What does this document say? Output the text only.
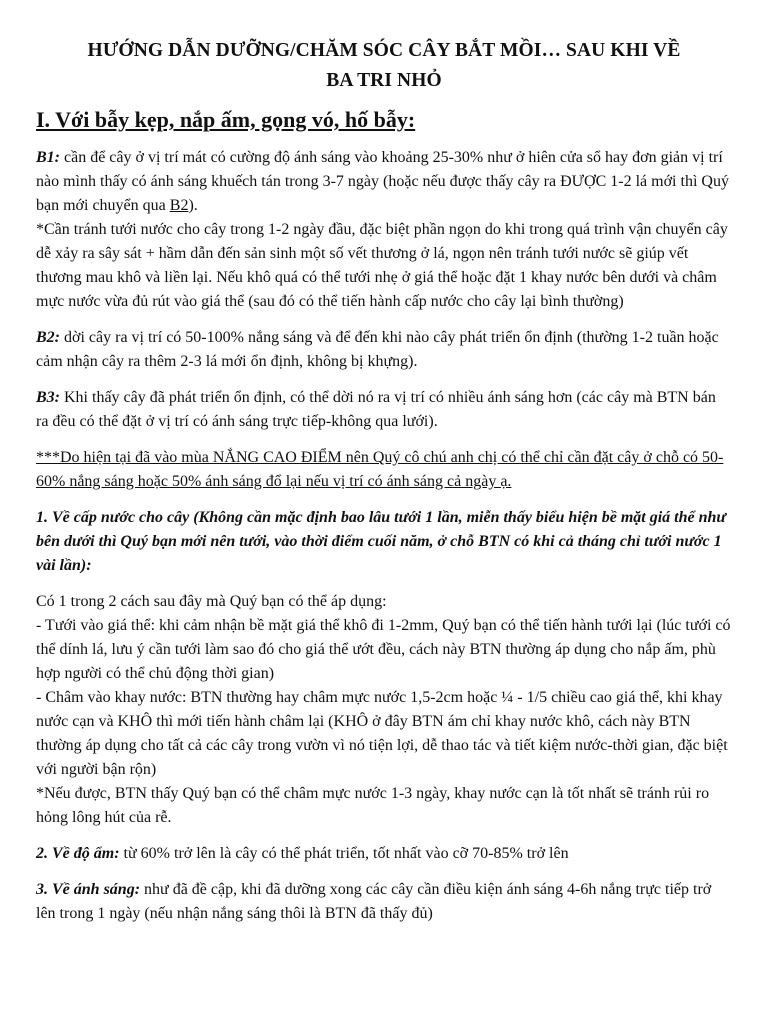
HƯỚNG DẪN DƯỠNG/CHĂM SÓC CÂY BẮT MỒI… SAU KHI VỀ
BA TRI NHỎ
I. Với bẫy kẹp, nắp ấm, gọng vó, hố bẫy:

B1: cần để cây ở vị trí mát có cường độ ánh sáng vào khoảng 25-30% như ở hiên cửa sổ hay đơn giản vị trí nào mình thấy có ánh sáng khuếch tán trong 3-7 ngày (hoặc nếu được thấy cây ra ĐƯỢC 1-2 lá mới thì Quý bạn mới chuyển qua B2).

*Cần tránh tưới nước cho cây trong 1-2 ngày đầu, đặc biệt phần ngọn do khi trong quá trình vận chuyển cây dễ xảy ra sây sát + hầm dẫn đến sản sinh một số vết thương ở lá, ngọn nên tránh tưới nước sẽ giúp vết thương mau khô và liền lại. Nếu khô quá có thể tưới nhẹ ở giá thể hoặc đặt 1 khay nước bên dưới và châm mực nước vừa đủ rút vào giá thể (sau đó có thể tiến hành cấp nước cho cây lại bình thường)

B2: dời cây ra vị trí có 50-100% nắng sáng và để đến khi nào cây phát triển ổn định (thường 1-2 tuần hoặc cảm nhận cây ra thêm 2-3 lá mới ổn định, không bị khựng).

B3: Khi thấy cây đã phát triển ổn định, có thể dời nó ra vị trí có nhiều ánh sáng hơn (các cây mà BTN bán ra đều có thể đặt ở vị trí có ánh sáng trực tiếp-không qua lưới).

***Do hiện tại đã vào mùa NẮNG CAO ĐIỂM nên Quý cô chú anh chị có thể chỉ cần đặt cây ở chỗ có 50-60% nắng sáng hoặc 50% ánh sáng đổ lại nếu vị trí có ánh sáng cả ngày ạ.

1. Về cấp nước cho cây (Không cần mặc định bao lâu tưới 1 lần, miễn thấy biểu hiện bề mặt giá thể như bên dưới thì Quý bạn mới nên tưới, vào thời điểm cuối năm, ở chỗ BTN có khi cả tháng chỉ tưới nước 1 vài lần):

Có 1 trong 2 cách sau đây mà Quý bạn có thể áp dụng:

- Tưới vào giá thể: khi cảm nhận bề mặt giá thể khô đi 1-2mm, Quý bạn có thể tiến hành tưới lại (lúc tưới có thể dính lá, lưu ý cần tưới làm sao đó cho giá thể ướt đều, cách này BTN thường áp dụng cho nắp ấm, phù hợp người có thể chủ động thời gian)

- Châm vào khay nước: BTN thường hay châm mực nước 1,5-2cm hoặc ¼ - 1/5 chiều cao giá thể, khi khay nước cạn và KHÔ thì mới tiến hành châm lại (KHÔ ở đây BTN ám chỉ khay nước khô, cách này BTN thường áp dụng cho tất cả các cây trong vườn vì nó tiện lợi, dễ thao tác và tiết kiệm nước-thời gian, đặc biệt với người bận rộn)

*Nếu được, BTN thấy Quý bạn có thể châm mực nước 1-3 ngày, khay nước cạn là tốt nhất sẽ tránh rủi ro hỏng lông hút của rễ.

2. Về độ ẩm: từ 60% trở lên là cây có thể phát triển, tốt nhất vào cỡ 70-85% trở lên

3. Về ánh sáng: như đã đề cập, khi đã dưỡng xong các cây cần điều kiện ánh sáng 4-6h nắng trực tiếp trở lên trong 1 ngày (nếu nhận nắng sáng thôi là BTN đã thấy đủ)
